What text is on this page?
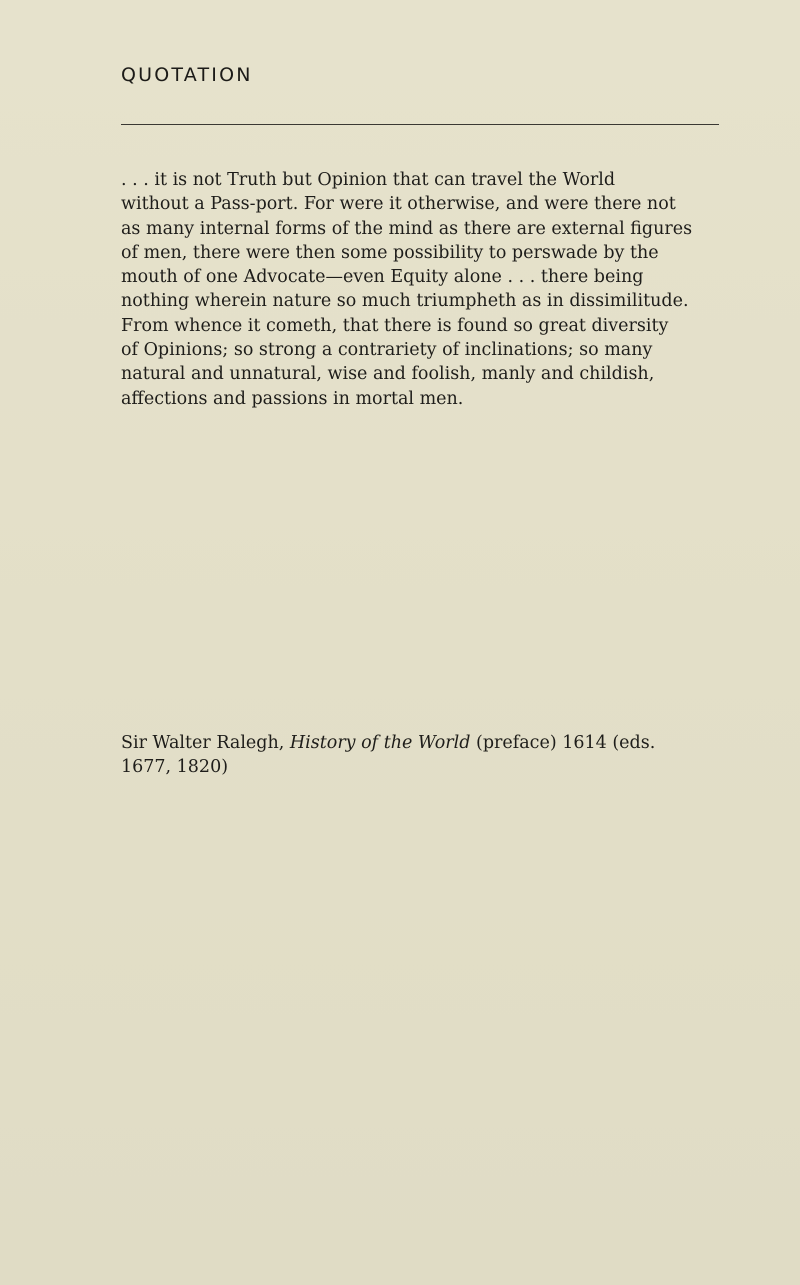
QUOTATION

. . . it is not Truth but Opinion that can travel the World
without a Pass-port. For were it otherwise, and were there not
as many internal forms of the mind as there are external figures
of men, there were then some possibility to perswade by the
mouth of one Advocate—even Equity alone . . . there being
nothing wherein nature so much triumpheth as in dissimilitude.
From whence it cometh, that there is found so great diversity
of Opinions; so strong a contrariety of inclinations; so many
natural and unnatural, wise and foolish, manly and childish,
affections and passions in mortal men.

Sir Walter Ralegh, History of the World (preface) 1614 (eds.
1677, 1820)
